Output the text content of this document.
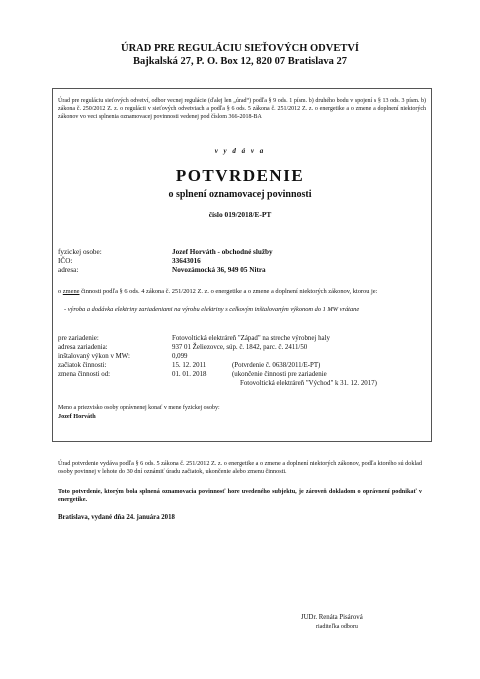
ÚRAD PRE REGULÁCIU SIEŤOVÝCH ODVETVÍ
Bajkalská 27, P. O. Box 12, 820 07 Bratislava 27
Úrad pre reguláciu sieťových odvetví, odbor vecnej regulácie (ďalej len „úrad“) podľa § 9 ods. 1 písm. b) druhého bodu v spojení s § 13 ods. 3 písm. b) zákona č. 250/2012 Z. z. o regulácii v sieťových odvetviach a podľa § 6 ods. 5 zákona č. 251/2012 Z. z. o energetike a o zmene a doplnení niektorých zákonov vo veci splnenia oznamovacej povinnosti vedenej pod číslom 366-2018-BA
v y d á v a
POTVRDENIE
o splnení oznamovacej povinnosti
číslo 019/2018/E-PT
fyzickej osobe:	Jozef Horváth - obchodné služby
IČO:	33643016
adresa:	Novozámocká 36, 949 05 Nitra
o zmene činnosti podľa § 6 ods. 4 zákona č. 251/2012 Z. z. o energetike a o zmene a doplnení niektorých zákonov, ktorou je:
- výroba a dodávka elektriny zariadeniami na výrobu elektriny s celkovým inštalovaným výkonom do 1 MW vrátane
pre zariadenie:	Fotovoltická elektráreň "Západ" na streche výrobnej haly
adresa zariadenia:	937 01 Želiezovce, súp. č. 1842, parc. č. 2411/50
inštalovaný výkon v MW:	0,099
začiatok činnosti:	15. 12. 2011	(Potvrdenie č. 0638/2011/E-PT)
zmena činnosti od:	01. 01. 2018	(ukončenie činnosti pre zariadenie
Fotovoltická elektráreň "Východ" k 31. 12. 2017)
Meno a priezvisko osoby oprávnenej konať v mene fyzickej osoby:
Jozef Horváth
Úrad potvrdenie vydáva podľa § 6 ods. 5 zákona č. 251/2012 Z. z. o energetike a o zmene a doplnení niektorých zákonov, podľa ktorého sú doklad osoby povinnej v lehote do 30 dní oznámiť úradu začiatok, ukončenie alebo zmenu činnosti.
Toto potvrdenie, ktorým bola splnená oznamovacia povinnosť hore uvedeného subjektu, je zároveň dokladom o oprávnení podnikať v energetike.
Bratislava, vydané dňa 24. januára 2018
JUDr. Renáta Pisárová
riaditeľka odboru
